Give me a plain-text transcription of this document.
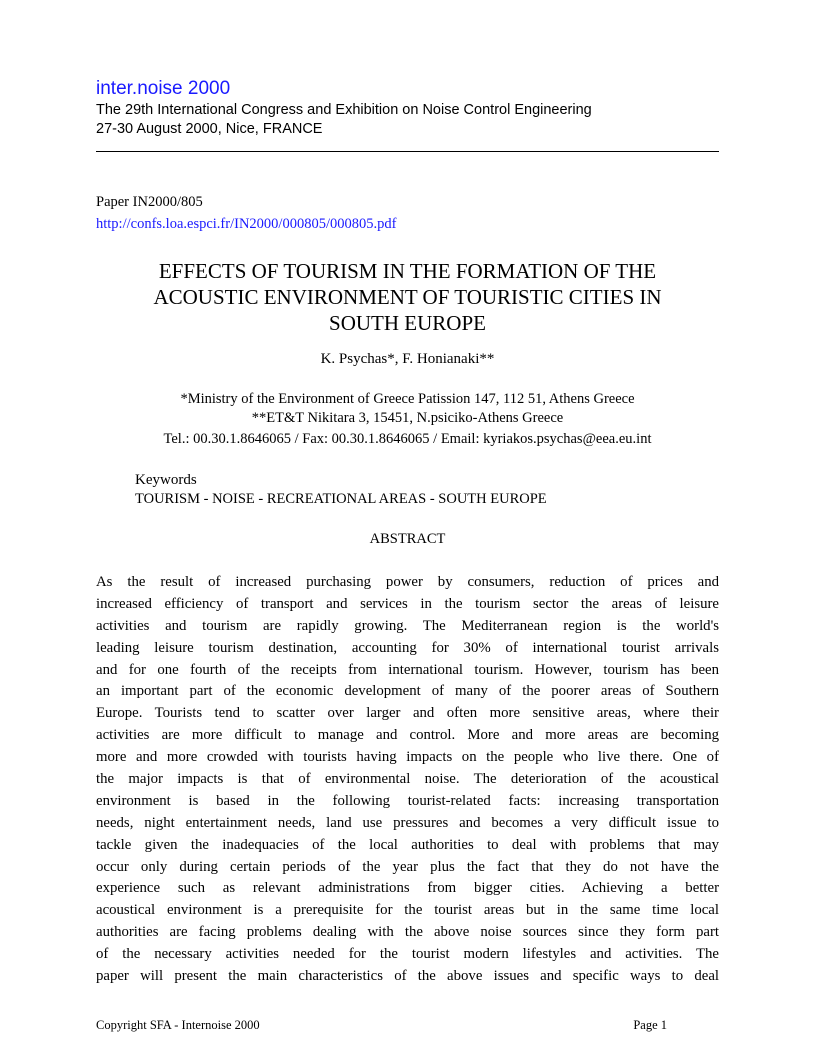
inter.noise 2000

The 29th International Congress and Exhibition on Noise Control Engineering

27-30 August 2000, Nice, FRANCE

Paper IN2000/805
http://confs.loa.espci.fr/IN2000/000805/000805.pdf
EFFECTS OF TOURISM IN THE FORMATION OF THE
ACOUSTIC ENVIRONMENT OF TOURISTIC CITIES IN
SOUTH EUROPE
K. Psychas*, F. Honianaki**
*Ministry of the Environment of Greece Patission 147, 112 51, Athens Greece
**ET&T Nikitara 3, 15451, N.psiciko-Athens Greece
Tel.: 00.30.1.8646065 / Fax: 00.30.1.8646065 / Email: kyriakos.psychas@eea.eu.int
Keywords
TOURISM - NOISE - RECREATIONAL AREAS - SOUTH EUROPE
ABSTRACT
As the result of increased purchasing power by consumers, reduction of prices and
increased efficiency of transport and services in the tourism sector the areas of leisure
activities and tourism are rapidly growing. The Mediterranean region is the world's
leading leisure tourism destination, accounting for 30% of international tourist arrivals
and for one fourth of the receipts from international tourism. However, tourism has been
an important part of the economic development of many of the poorer areas of Southern
Europe. Tourists tend to scatter over larger and often more sensitive areas, where their
activities are more difficult to manage and control. More and more areas are becoming
more and more crowded with tourists having impacts on the people who live there. One of
the major impacts is that of environmental noise. The deterioration of the acoustical
environment is based in the following tourist-related facts: increasing transportation
needs, night entertainment needs, land use pressures and becomes a very difficult issue to
tackle given the inadequacies of the local authorities to deal with problems that may
occur only during certain periods of the year plus the fact that they do not have the
experience such as relevant administrations from bigger cities. Achieving a better
acoustical environment is a prerequisite for the tourist areas but in the same time local
authorities are facing problems dealing with the above noise sources since they form part
of the necessary activities needed for the tourist modern lifestyles and activities. The
paper will present the main characteristics of the above issues and specific ways to deal
Copyright SFA - Internoise 2000	Page 1
